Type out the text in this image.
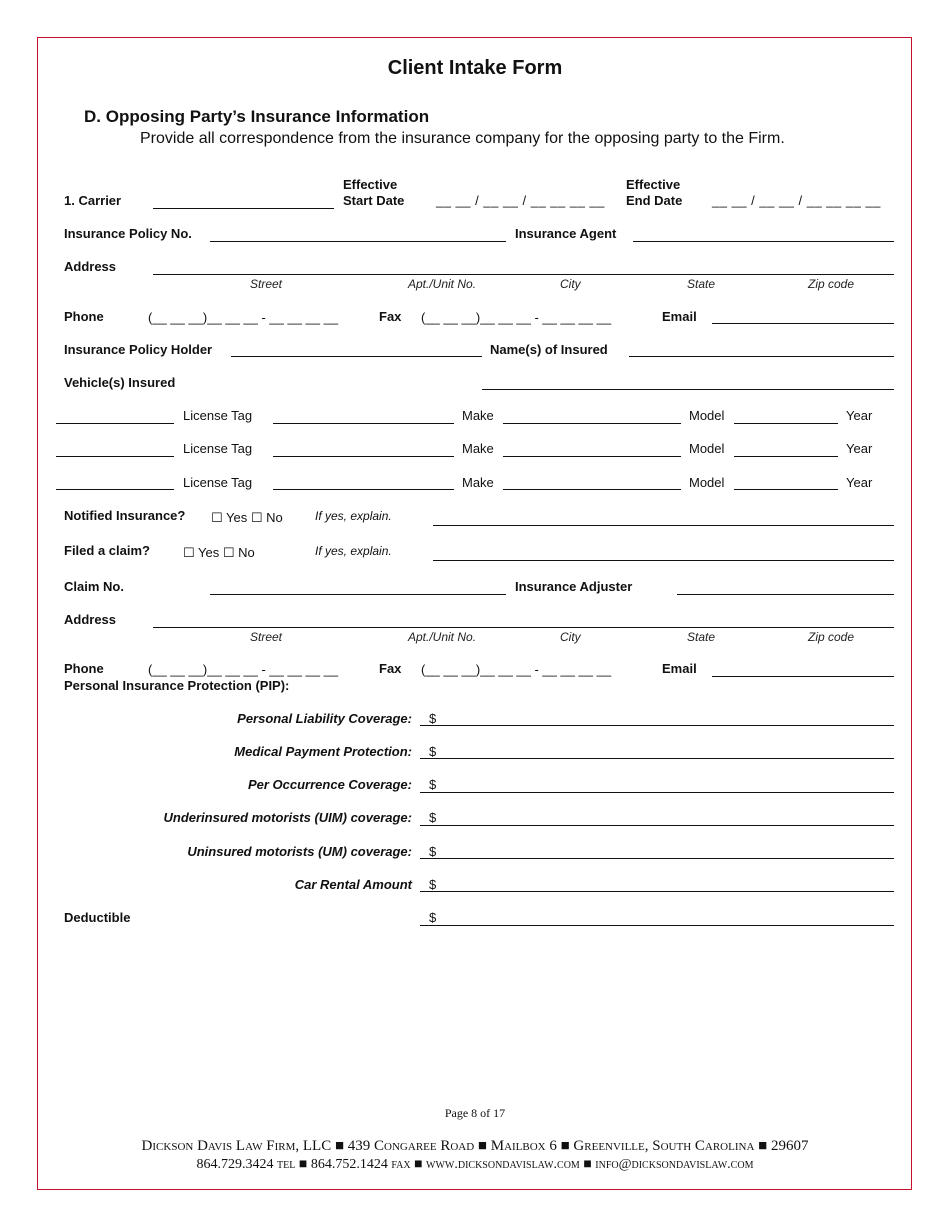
Client Intake Form
D. Opposing Party’s Insurance Information
Provide all correspondence from the insurance company for the opposing party to the Firm.
1. Carrier
Effective
Start Date __ __ / __ __ / __ __ __ __
Effective
End Date __ __ / __ __ / __ __ __ __
Insurance Policy No.	Insurance Agent
Address
Street	Apt./Unit No.	City	State	Zip code
Phone	(__ __ __)__ __ __ - __ __ __ __	Fax (__ __ __)__ __ __ - __ __ __ __	Email
Insurance Policy Holder	Name(s) of Insured
Vehicle(s) Insured
License Tag	Make	Model	Year
License Tag	Make	Model	Year
License Tag	Make	Model	Year
Notified Insurance? ☐ Yes ☐ No	If yes, explain.
Filed a claim?	☐ Yes ☐ No	If yes, explain.
Claim No.	Insurance Adjuster
Address
Street	Apt./Unit No.	City	State	Zip code
Phone	(__ __ __)__ __ __ - __ __ __ __	Fax (__ __ __)__ __ __ - __ __ __ __	Email
Personal Insurance Protection (PIP):
Personal Liability Coverage: $
Medical Payment Protection: $
Per Occurrence Coverage: $
Underinsured motorists (UIM) coverage: $
Uninsured motorists (UM) coverage: $
Car Rental Amount $
Deductible	$
Page 8 of 17
Dickson Davis Law Firm, LLC ■ 439 Congaree Road ■ Mailbox 6 ■ Greenville, South Carolina ■ 29607
864.729.3424 tel ■ 864.752.1424 fax ■ www.dicksondavislaw.com ■ info@dicksondavislaw.com
